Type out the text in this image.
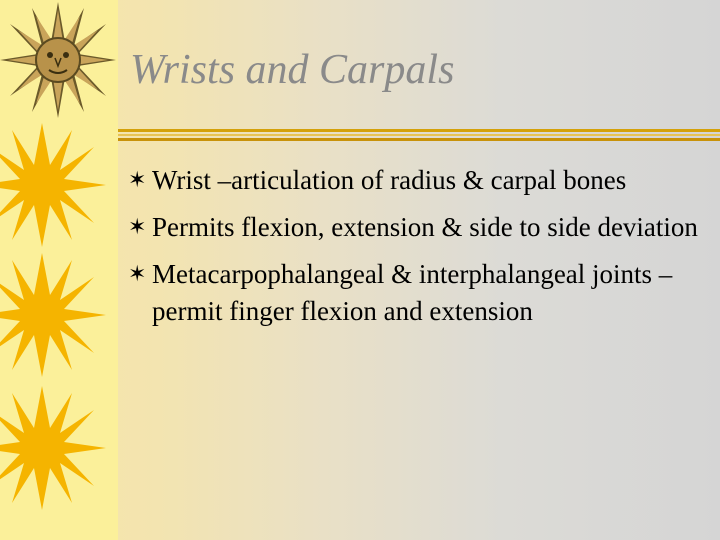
Wrists and Carpals
✶ Wrist –articulation of radius & carpal bones
✶ Permits flexion, extension & side to side deviation
✶ Metacarpophalangeal & interphalangeal joints – permit finger flexion and extension
